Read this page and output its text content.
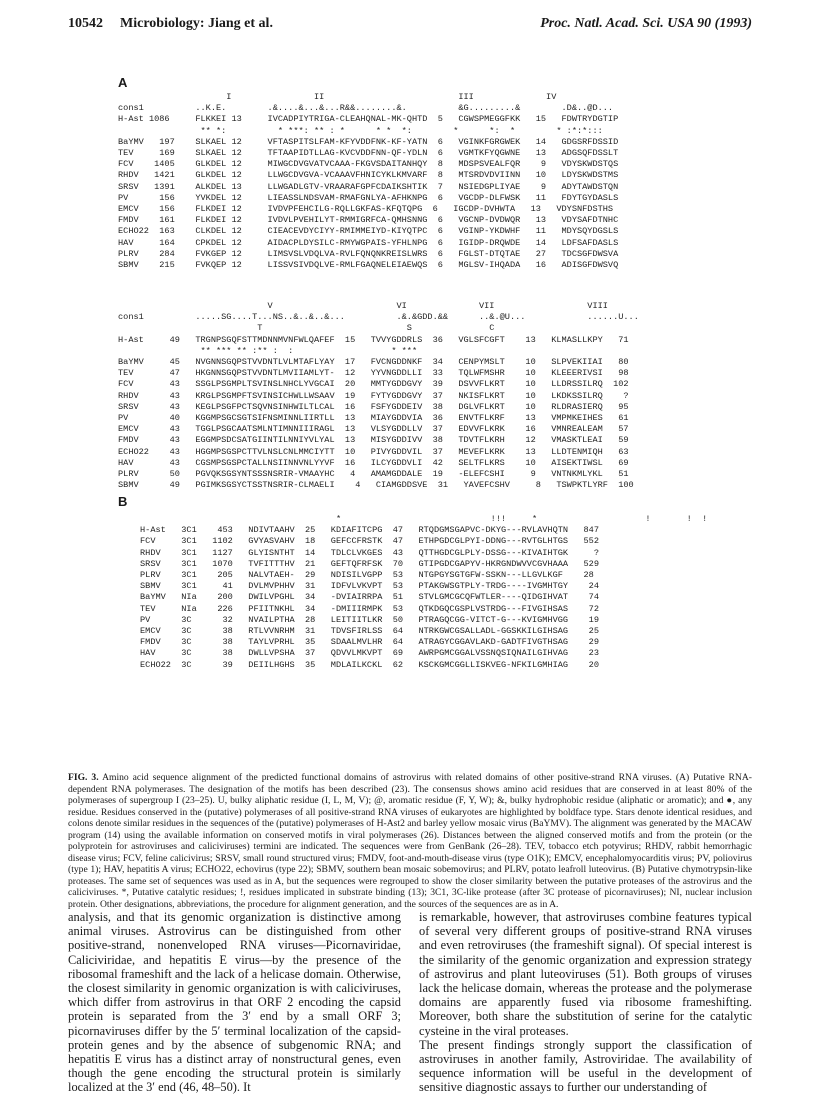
10542 Microbiology: Jiang et al.	Proc. Natl. Acad. Sci. USA 90 (1993)
A
B
I                II                          III              IV
cons1          ..K.E.        .&....&...&...R&&........&.          &G.........&        .D&..@D...
H-Ast 1086     FLKKEI 13     IVCADPIYTRIGA-CLEAHQNAL-MK-QHTD  5   CGWSPMEGGFKK   15   FDWTRYDGTIP
** *:          * ***: ** : *      * *  *:        *      *:  *        * :*:*:::
BaYMV   197    SLKAEL 12     VFTASPITSLFAM-KFYVDDFNK-KF-YATN  6   VGINKFGRGWEK   14   GDGSRFDSSID
TEV     169    SLKAEL 12     TFTAAPIDTLLAG-KVCVDDFNN-QF-YDLN  6   VGMTKFYQGWNE   13   ADGSQFDSSLT
FCV    1405    GLKDEL 12     MIWGCDVGVATVCAAA-FKGVSDAITANHQY  8   MDSPSVEALFQR    9   VDYSKWDSTQS
RHDV   1421    GLKDEL 12     LLWGCDVGVA-VCAAAVFHNICYKLKMVARF  8   MTSRDVDVIINN   10   LDYSKWDSTMS
SRSV   1391    ALKDEL 13     LLWGADLGTV-VRAARAFGPFCDAIKSHTIK  7   NSIEDGPLIYAE    9   ADYTAWDSTQN
PV      156    YVKDEL 12     LIEASSLNDSVAM-RMAFGNLYA-AFHKNPG  6   VGCDP-DLFWSK   11   FDYTGYDASLS
EMCV    156    FLKDEI 12     IVDVPFEHCILG-RQLLGKFAS-KFQTQPG  6   IGCDP-DVHWTA   13   VDYSNFDSTHS
FMDV    161    FLKDEI 12     IVDVLPVEHILYT-RMMIGRFCA-QMHSNNG  6   VGCNP-DVDWQR   13   VDYSAFDTNHC
ECHO22  163    CLKDEL 12     CIEACEVDYCIYY-RMIMMEIYD-KIYQTPC  6   VGINP-YKDWHF   11   MDYSQYDGSLS
HAV     164    CPKDEL 12     AIDACPLDYSILC-RMYWGPAIS-YFHLNPG  6   IGIDP-DRQWDE   14   LDFSAFDASLS
PLRV    284    FVKGEP 12     LIMSVSLVDQLVA-RVLFQNQNKREISLWRS  6   FGLST-DTQTAE   27   TDCSGFDWSVA
SBMV    215    FVKQEP 12     LISSVSIVDQLVE-RMLFGAQNELEIAEWQS  6   MGLSV-IHQADA   16   ADISGFDWSVQ
V                        VI              VII                  VIII
cons1          .....SG....T...NS..&..&..&...          .&.&GDD.&&      ..&.@U...            ......U...
T                            S               C
H-Ast     49   TRGNPSGQFSTTMDNNMVNFWLQAFEF  15   TVVYGDDRLS  36   VGLSFCGFT    13   KLMASLLKPY   71
** *** ** :** :  :                   * ***
BaYMV     45   NVGNNSGQPSTVVDNTLVLMTAFLYAY  17   FVCNGDDNKF  34   CENPYMSLT    10   SLPVEKIIAI   80
TEV       47   HKGNNSGQPSTVVDNTLMVIIAMLYT-  12   YYVNGDDLLI  33   TQLWFMSHR    10   KLEEERIVSI   98
FCV       43   SSGLPSGMPLTSVINSLNHCLYVGCAI  20   MMTYGDDGVY  39   DSVVFLKRT    10   LLDRSSILRQ  102
RHDV      43   KRGLPSGMPFTSVINSICHWLLWSAAV  19   FYTYGDDGVY  37   NKISFLKRT    10   LKDKSSILRQ    ?
SRSV      43   KEGLPSGFPCTSQVNSINHWILTLCAL  16   FSFYGDDEIV  38   DGLVFLKRT    10   RLDRASIERQ   95
PV        40   KGGMPSGCSGTSIFNSMINNLIIRTLL  13   MIAYGDDVIA  36   ENVTFLKRF    13   VMPMKEIHES   61
EMCV      43   TGGLPSGCAATSMLNTIMNNIIIRAGL  13   VLSYGDDLLV  37   EDVVFLKRK    16   VMNREALEAM   57
FMDV      43   EGGMPSDCSATGIINTILNNIYVLYAL  13   MISYGDDIVV  38   TDVTFLKRH    12   VMASKTLEAI   59
ECHO22    43   HGGMPSGSPCTTVLNSLCNLMMCIYTT  10   PIVYGDDVIL  37   MEVEFLKRK    13   LLDTENMIQH   63
HAV       43   CGSMPSGSPCTALLNSIINNVNLYYVF  16   ILCYGDDVLI  42   SELTFLKRS    10   AISEKTIWSL   69
PLRV      50   PGVQKSGSYNTSSSNSRIR-VMAAYHC   4   AMAMGDDALE  19   -ELEFCSHI     9   VNTNKMLYKL   51
SBMV      49   PGIMKSGSYCTSSTNSRIR-CLMAELI    4   CIAMGDDSVE  31   YAVEFCSHV     8   TSWPKTLYRF  100
*                             !!!     *                     !       !  !
H-Ast   3C1    453   NDIVTAAHV  25   KDIAFITCPG  47   RTQDGMSGAPVC-DKYG---RVLAVHQTN   847
FCV     3C1   1102   GVYASVAHV  18   GEFCCFRSTK  47   ETHPGDCGLPYI-DDNG---RVTGLHTGS   552
RHDV    3C1   1127   GLYISNTHT  14   TDLCLVKGES  43   QTTHGDCGLPLY-DSSG---KIVAIHTGK     ?
SRSV    3C1   1070   TVFITTTHV  21   GEFTQFRFSK  70   GTIPGDCGAPYV-HKRGNDWVVCGVHAAA   529
PLRV    3C1    205   NALVTAEH-  29   NDISILVGPP  53   NTGPGYSGTGFW-SSKN---LLGVLKGF    28
SBMV    3C1     41   DVLMVPHHV  31   IDFVLVKVPT  53   PTAKGWSGTPLY-TRDG----IVGMHTGY    24
BaYMV   NIa    200   DWILVPGHL  34   -DVIAIRRPA  51   STVLGMCGCQFWTLER----QIDGIHVAT    74
TEV     NIa    226   PFIITNKHL  34   -DMIIIRMPK  53   QTKDGQCGSPLVSTRDG---FIVGIHSAS    72
PV      3C      32   NVAILPTHA  28   LEITIITLKR  50   PTRAGQCGG-VITCT-G---KVIGMHVGG    19
EMCV    3C      38   RTLVVNRHM  31   TDVSFIRLSS  64   NTRKGWCGSALLADL-GGSKKILGIHSAG    25
FMDV    3C      38   TAYLVPRHL  35   SDAALMVLHR  64   ATRAGYCGGAVLAKD-GADTFIVGTHSAG    29
HAV     3C      38   DWLLVPSHA  37   QDVVLMKVPT  69   AWRPGMCGGALVSSNQSIQNAILGIHVAG    23
ECHO22  3C      39   DEIILHGHS  35   MDLAILKCKL  62   KSCKGMCGGLLISKVEG-NFKILGMHIAG    20

FIG. 3. Amino acid sequence alignment of the predicted functional domains of astrovirus with related domains of other positive-strand RNA viruses. (A) Putative RNA-dependent RNA polymerases. The designation of the motifs has been described (23). The consensus shows amino acid residues that are conserved in at least 80% of the polymerases of supergroup I (23–25). U, bulky aliphatic residue (I, L, M, V); @, aromatic residue (F, Y, W); &, bulky hydrophobic residue (aliphatic or aromatic); and ●, any residue. Residues conserved in the (putative) polymerases of all positive-strand RNA viruses of eukaryotes are highlighted by boldface type. Stars denote identical residues, and colons denote similar residues in the sequences of the (putative) polymerases of H-Ast2 and barley yellow mosaic virus (BaYMV). The alignment was generated by the MACAW program (14) using the available information on conserved motifs in viral polymerases (26). Distances between the aligned conserved motifs and from the protein (or the polyprotein for astroviruses and caliciviruses) termini are indicated. The sequences were from GenBank (26–28). TEV, tobacco etch potyvirus; RHDV, rabbit hemorrhagic disease virus; FCV, feline calicivirus; SRSV, small round structured virus; FMDV, foot-and-mouth-disease virus (type O1K); EMCV, encephalomyocarditis virus; PV, poliovirus (type 1); HAV, hepatitis A virus; ECHO22, echovirus (type 22); SBMV, southern bean mosaic sobemovirus; and PLRV, potato leafroll luteovirus. (B) Putative chymotrypsin-like proteases. The same set of sequences was used as in A, but the sequences were regrouped to show the closer similarity between the putative proteases of the astrovirus and the caliciviruses. *, Putative catalytic residues; !, residues implicated in substrate binding (13); 3C1, 3C-like protease (after 3C protease of picornaviruses); NI, nuclear inclusion protein. Other designations, abbreviations, the procedure for alignment generation, and the sources of the sequences are as in A.

analysis, and that its genomic organization is distinctive among animal viruses. Astrovirus can be distinguished from other positive-strand, nonenveloped RNA viruses—Picornaviridae, Caliciviridae, and hepatitis E virus—by the presence of the ribosomal frameshift and the lack of a helicase domain. Otherwise, the closest similarity in genomic organization is with caliciviruses, which differ from astrovirus in that ORF 2 encoding the capsid protein is separated from the 3′ end by a small ORF 3; picornaviruses differ by the 5′ terminal localization of the capsid-protein genes and by the absence of subgenomic RNA; and hepatitis E virus has a distinct array of nonstructural genes, even though the gene encoding the structural protein is similarly localized at the 3′ end (46, 48–50). It

is remarkable, however, that astroviruses combine features typical of several very different groups of positive-strand RNA viruses and even retroviruses (the frameshift signal). Of special interest is the similarity of the genomic organization and expression strategy of astrovirus and plant luteoviruses (51). Both groups of viruses lack the helicase domain, whereas the protease and the polymerase domains are apparently fused via ribosome frameshifting. Moreover, both share the substitution of serine for the catalytic cysteine in the viral proteases.
The present findings strongly support the classification of astroviruses in another family, Astroviridae. The availability of sequence information will be useful in the development of sensitive diagnostic assays to further our understanding of
